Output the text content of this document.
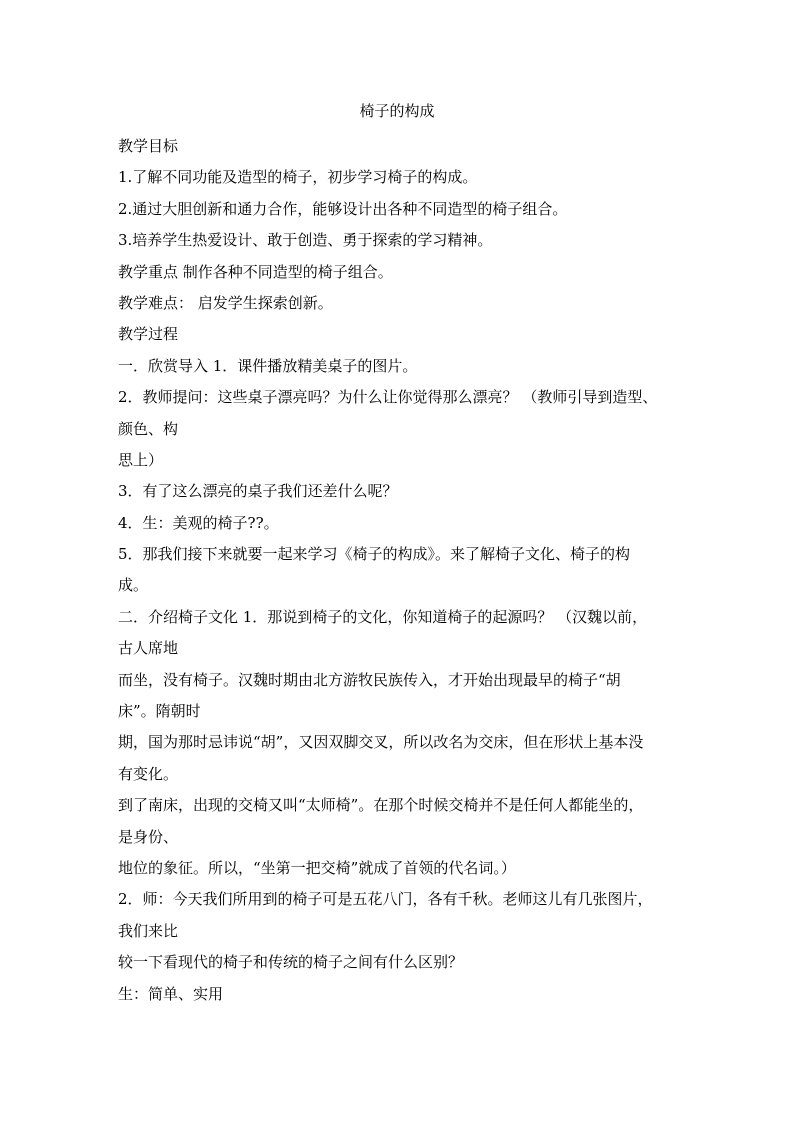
椅子的构成
教学目标
1.了解不同功能及造型的椅子，初步学习椅子的构成。
2.通过大胆创新和通力合作，能够设计出各种不同造型的椅子组合。
3.培养学生热爱设计、敢于创造、勇于探索的学习精神。
教学重点 制作各种不同造型的椅子组合。
教学难点： 启发学生探索创新。
教学过程
一．欣赏导入 1．课件播放精美桌子的图片。
2．教师提问：这些桌子漂亮吗？为什么让你觉得那么漂亮？ （教师引导到造型、
颜色、构
思上）
3．有了这么漂亮的桌子我们还差什么呢？
4．生：美观的椅子??。
5．那我们接下来就要一起来学习《椅子的构成》。来了解椅子文化、椅子的构
成。
二．介绍椅子文化 1．那说到椅子的文化，你知道椅子的起源吗？ （汉魏以前，
古人席地
而坐，没有椅子。汉魏时期由北方游牧民族传入，才开始出现最早的椅子“胡
床”。隋朝时
期，国为那时忌讳说“胡”，又因双脚交叉，所以改名为交床，但在形状上基本没
有变化。
到了南床，出现的交椅又叫“太师椅”。在那个时候交椅并不是任何人都能坐的，
是身份、
地位的象征。所以，“坐第一把交椅”就成了首领的代名词。）
2．师：今天我们所用到的椅子可是五花八门，各有千秋。老师这儿有几张图片，
我们来比
较一下看现代的椅子和传统的椅子之间有什么区别？
生：简单、实用
